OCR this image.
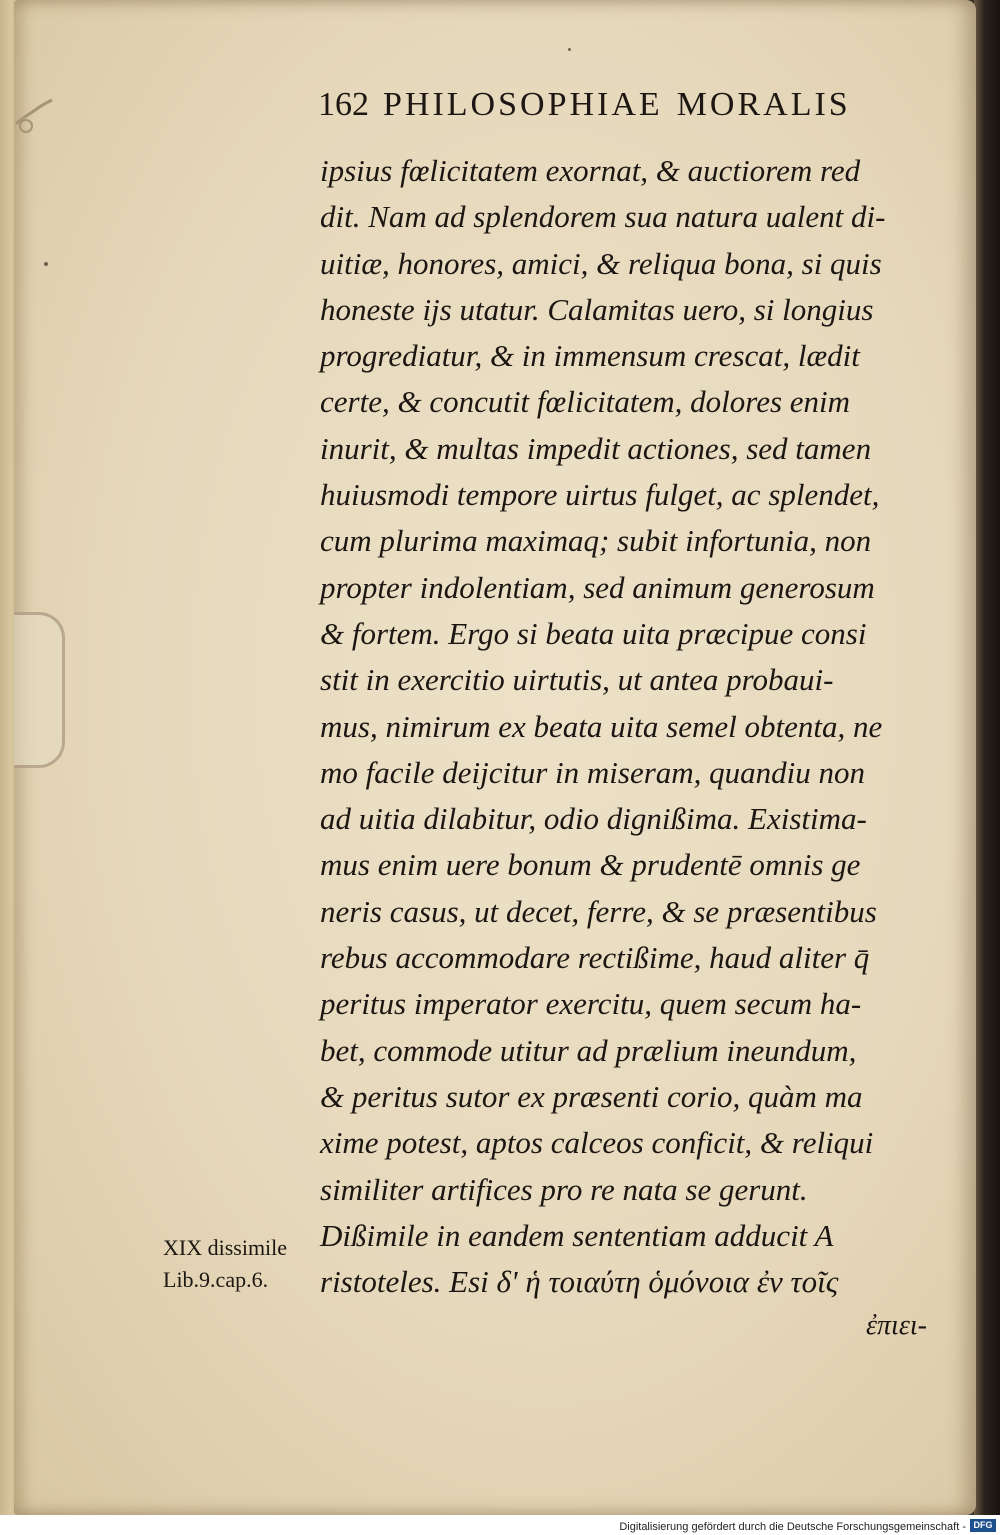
162 PHILOSOPHIAE MORALIS
ipsius fœlicitatem exornat, & auctiorem red
dit. Nam ad splendorem sua natura ualent di-
uitiæ, honores, amici, & reliqua bona, si quis
honeste ijs utatur. Calamitas uero, si longius
progrediatur, & in immensum crescat, lædit
certe, & concutit fœlicitatem, dolores enim
inurit, & multas impedit actiones, sed tamen
huiusmodi tempore uirtus fulget, ac splendet,
cum plurima maximaq; subit infortunia, non
propter indolentiam, sed animum generosum
& fortem. Ergo si beata uita præcipue consi
stit in exercitio uirtutis, ut antea probaui-
mus, nimirum ex beata uita semel obtenta, ne
mo facile deijcitur in miseram, quandiu non
ad uitia dilabitur, odio dignißima. Existima-
mus enim uere bonum & prudentē omnis ge
neris casus, ut decet, ferre, & se præsentibus
rebus accommodare rectißime, haud aliter q̄
peritus imperator exercitu, quem secum ha-
bet, commode utitur ad prælium ineundum,
& peritus sutor ex præsenti corio, quàm ma
xime potest, aptos calceos conficit, & reliqui
similiter artifices pro re nata se gerunt.
Dißimile in eandem sententiam adducit A
ristoteles. Esi δ' ἡ τοιαύτη ὁμόνοια ἐν τοῖς
XIX dissimile
Lib.9.cap.6.
ἐπιει-
Digitalisierung gefördert durch die Deutsche Forschungsgemeinschaft - DFG
